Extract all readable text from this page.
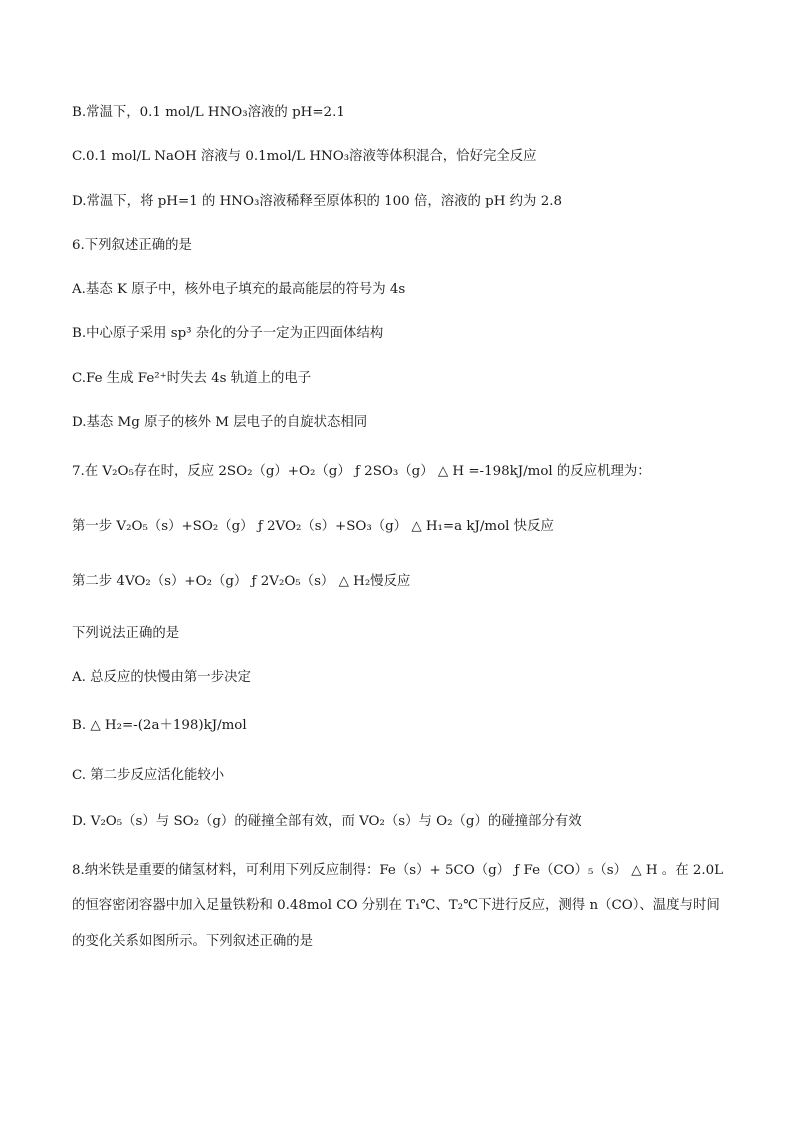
B.常温下，0.1 mol/L HNO₃溶液的 pH=2.1
C.0.1 mol/L NaOH 溶液与 0.1mol/L HNO₃溶液等体积混合，恰好完全反应
D.常温下，将 pH=1 的 HNO₃溶液稀释至原体积的 100 倍，溶液的 pH 约为 2.8
6.下列叙述正确的是
A.基态 K 原子中，核外电子填充的最高能层的符号为 4s
B.中心原子采用 sp³ 杂化的分子一定为正四面体结构
C.Fe 生成 Fe²⁺时失去 4s 轨道上的电子
D.基态 Mg 原子的核外 M 层电子的自旋状态相同
7.在 V₂O₅存在时，反应 2SO₂（g）+O₂（g） ƒ 2SO₃（g） △ H =-198kJ/mol 的反应机理为：
第一步 V₂O₅（s）+SO₂（g） ƒ 2VO₂（s）+SO₃（g） △ H₁=a kJ/mol 快反应
第二步 4VO₂（s）+O₂（g） ƒ 2V₂O₅（s） △ H₂慢反应
下列说法正确的是
A. 总反应的快慢由第一步决定
B. △ H₂=-(2a＋198)kJ/mol
C. 第二步反应活化能较小
D. V₂O₅（s）与 SO₂（g）的碰撞全部有效，而 VO₂（s）与 O₂（g）的碰撞部分有效
8.纳米铁是重要的储氢材料，可利用下列反应制得：Fe（s）+ 5CO（g） ƒ Fe（CO）₅（s） △ H 。在 2.0L
的恒容密闭容器中加入足量铁粉和 0.48mol CO 分别在 T₁℃、T₂℃下进行反应，测得 n（CO）、温度与时间
的变化关系如图所示。下列叙述正确的是
